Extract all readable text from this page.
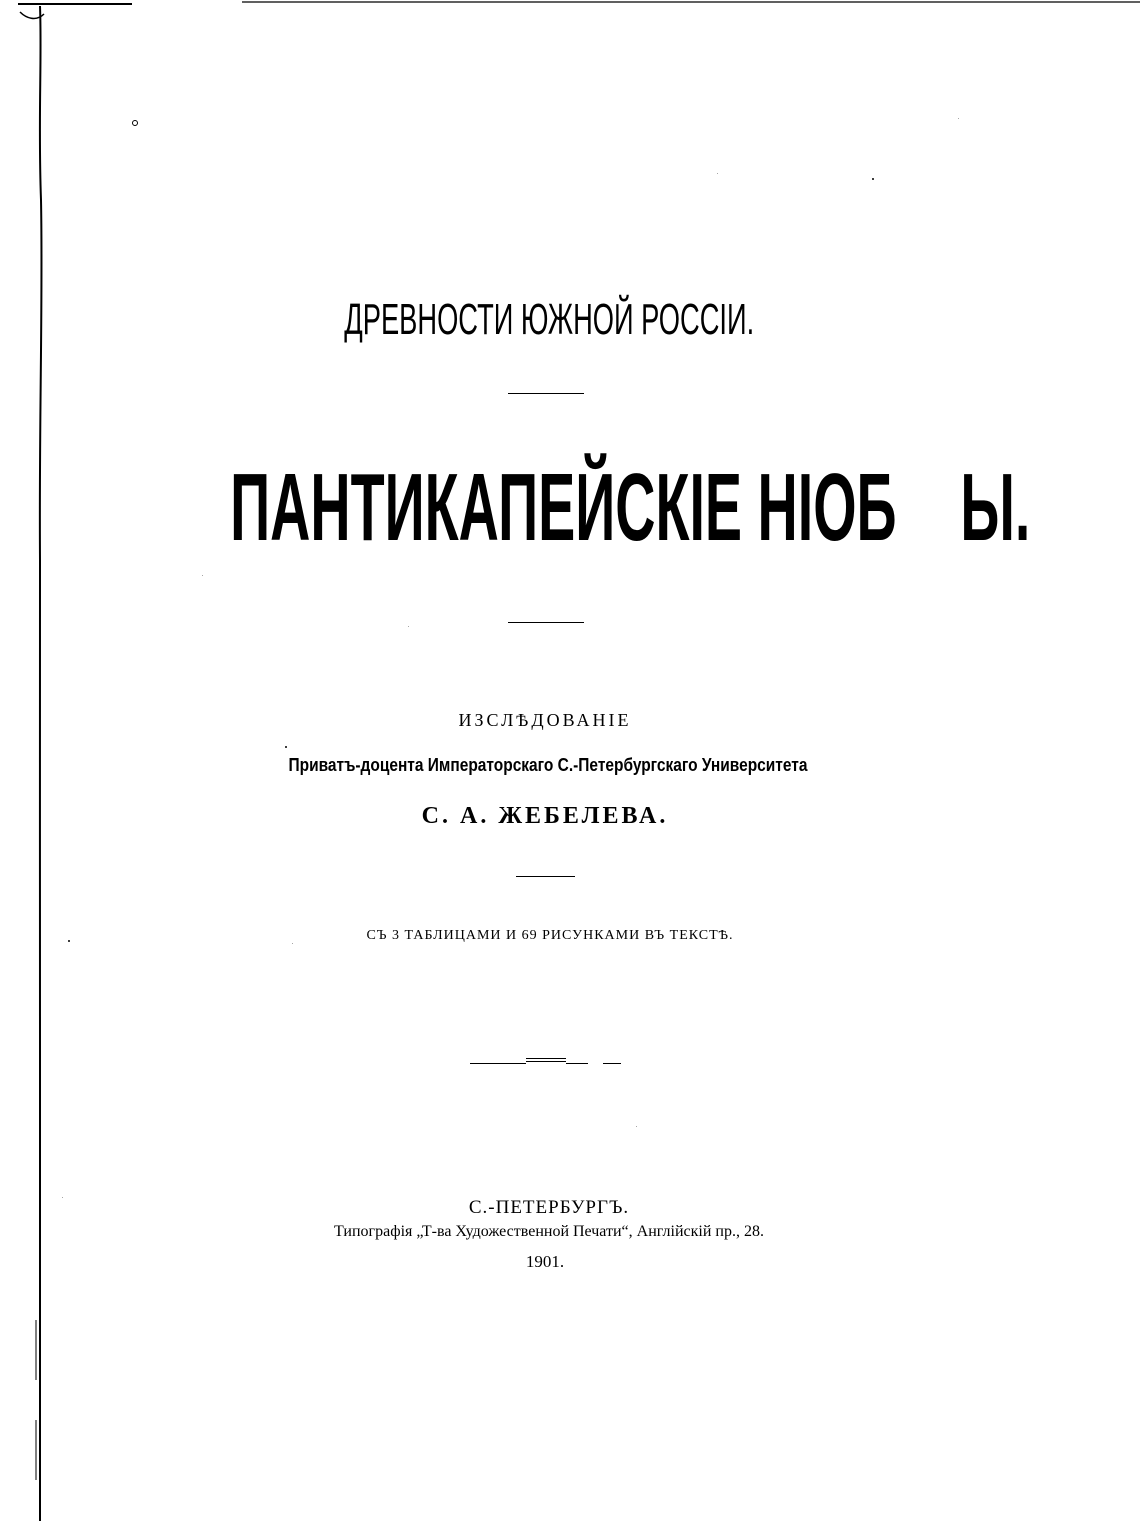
ДРЕВНОСТИ ЮЖНОЙ РОССІИ.
ПАНТИКАПЕЙСКІЕ НІОБ Ы.
ИЗСЛѢДОВАНІЕ
Приватъ-доцента Императорскаго С.-Петербургскаго Университета
С. А. ЖЕБЕЛЕВА.
СЪ 3 ТАБЛИЦАМИ И 69 РИСУНКАМИ ВЪ ТЕКСТѢ.
С.-ПЕТЕРБУРГЪ.
Типографія „Т-ва Художественной Печати“, Англійскій пр., 28.
1901.
